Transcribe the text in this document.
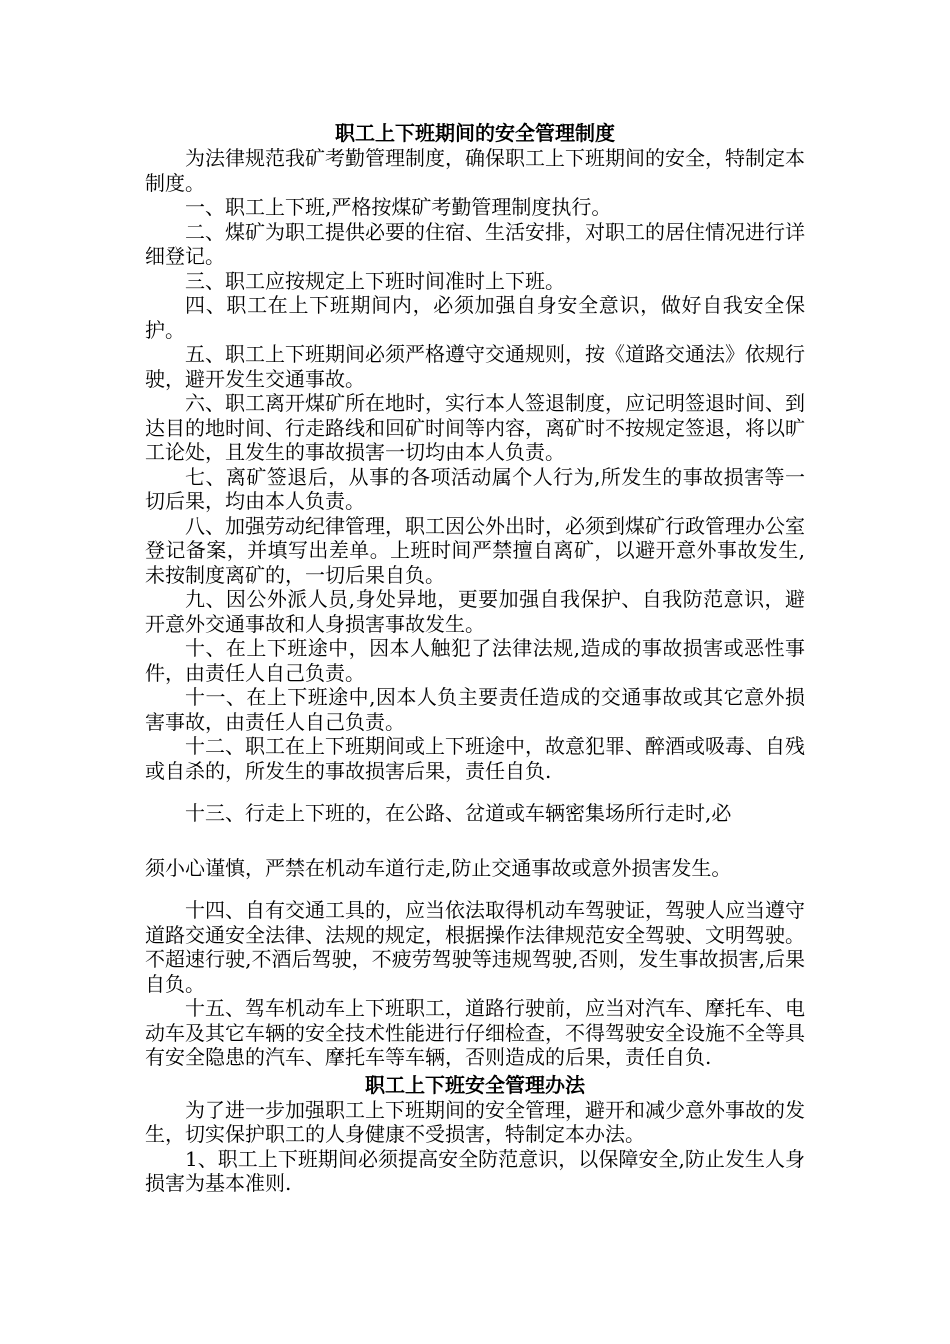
职工上下班期间的安全管理制度

为法律规范我矿考勤管理制度，确保职工上下班期间的安全，特制定本制度。

一、职工上下班,严格按煤矿考勤管理制度执行。

二、煤矿为职工提供必要的住宿、生活安排，对职工的居住情况进行详细登记。

三、职工应按规定上下班时间准时上下班。

四、职工在上下班期间内，必须加强自身安全意识，做好自我安全保护。

五、职工上下班期间必须严格遵守交通规则，按《道路交通法》依规行驶，避开发生交通事故。

六、职工离开煤矿所在地时，实行本人签退制度，应记明签退时间、到达目的地时间、行走路线和回矿时间等内容，离矿时不按规定签退，将以旷工论处，且发生的事故损害一切均由本人负责。

七、离矿签退后，从事的各项活动属个人行为,所发生的事故损害等一切后果，均由本人负责。

八、加强劳动纪律管理，职工因公外出时，必须到煤矿行政管理办公室登记备案，并填写出差单。上班时间严禁擅自离矿，以避开意外事故发生,未按制度离矿的，一切后果自负。

九、因公外派人员,身处异地，更要加强自我保护、自我防范意识，避开意外交通事故和人身损害事故发生。

十、在上下班途中，因本人触犯了法律法规,造成的事故损害或恶性事件，由责任人自己负责。

十一、在上下班途中,因本人负主要责任造成的交通事故或其它意外损害事故，由责任人自己负责。

十二、职工在上下班期间或上下班途中，故意犯罪、醉酒或吸毒、自残或自杀的，所发生的事故损害后果，责任自负.

十三、行走上下班的，在公路、岔道或车辆密集场所行走时,必

须小心谨慎，严禁在机动车道行走,防止交通事故或意外损害发生。

十四、自有交通工具的，应当依法取得机动车驾驶证，驾驶人应当遵守道路交通安全法律、法规的规定，根据操作法律规范安全驾驶、文明驾驶。不超速行驶,不酒后驾驶，不疲劳驾驶等违规驾驶,否则，发生事故损害,后果自负。

十五、驾车机动车上下班职工，道路行驶前，应当对汽车、摩托车、电动车及其它车辆的安全技术性能进行仔细检查，不得驾驶安全设施不全等具有安全隐患的汽车、摩托车等车辆，否则造成的后果，责任自负.

职工上下班安全管理办法

为了进一步加强职工上下班期间的安全管理，避开和减少意外事故的发生，切实保护职工的人身健康不受损害，特制定本办法。

1、职工上下班期间必须提高安全防范意识，以保障安全,防止发生人身损害为基本准则.
